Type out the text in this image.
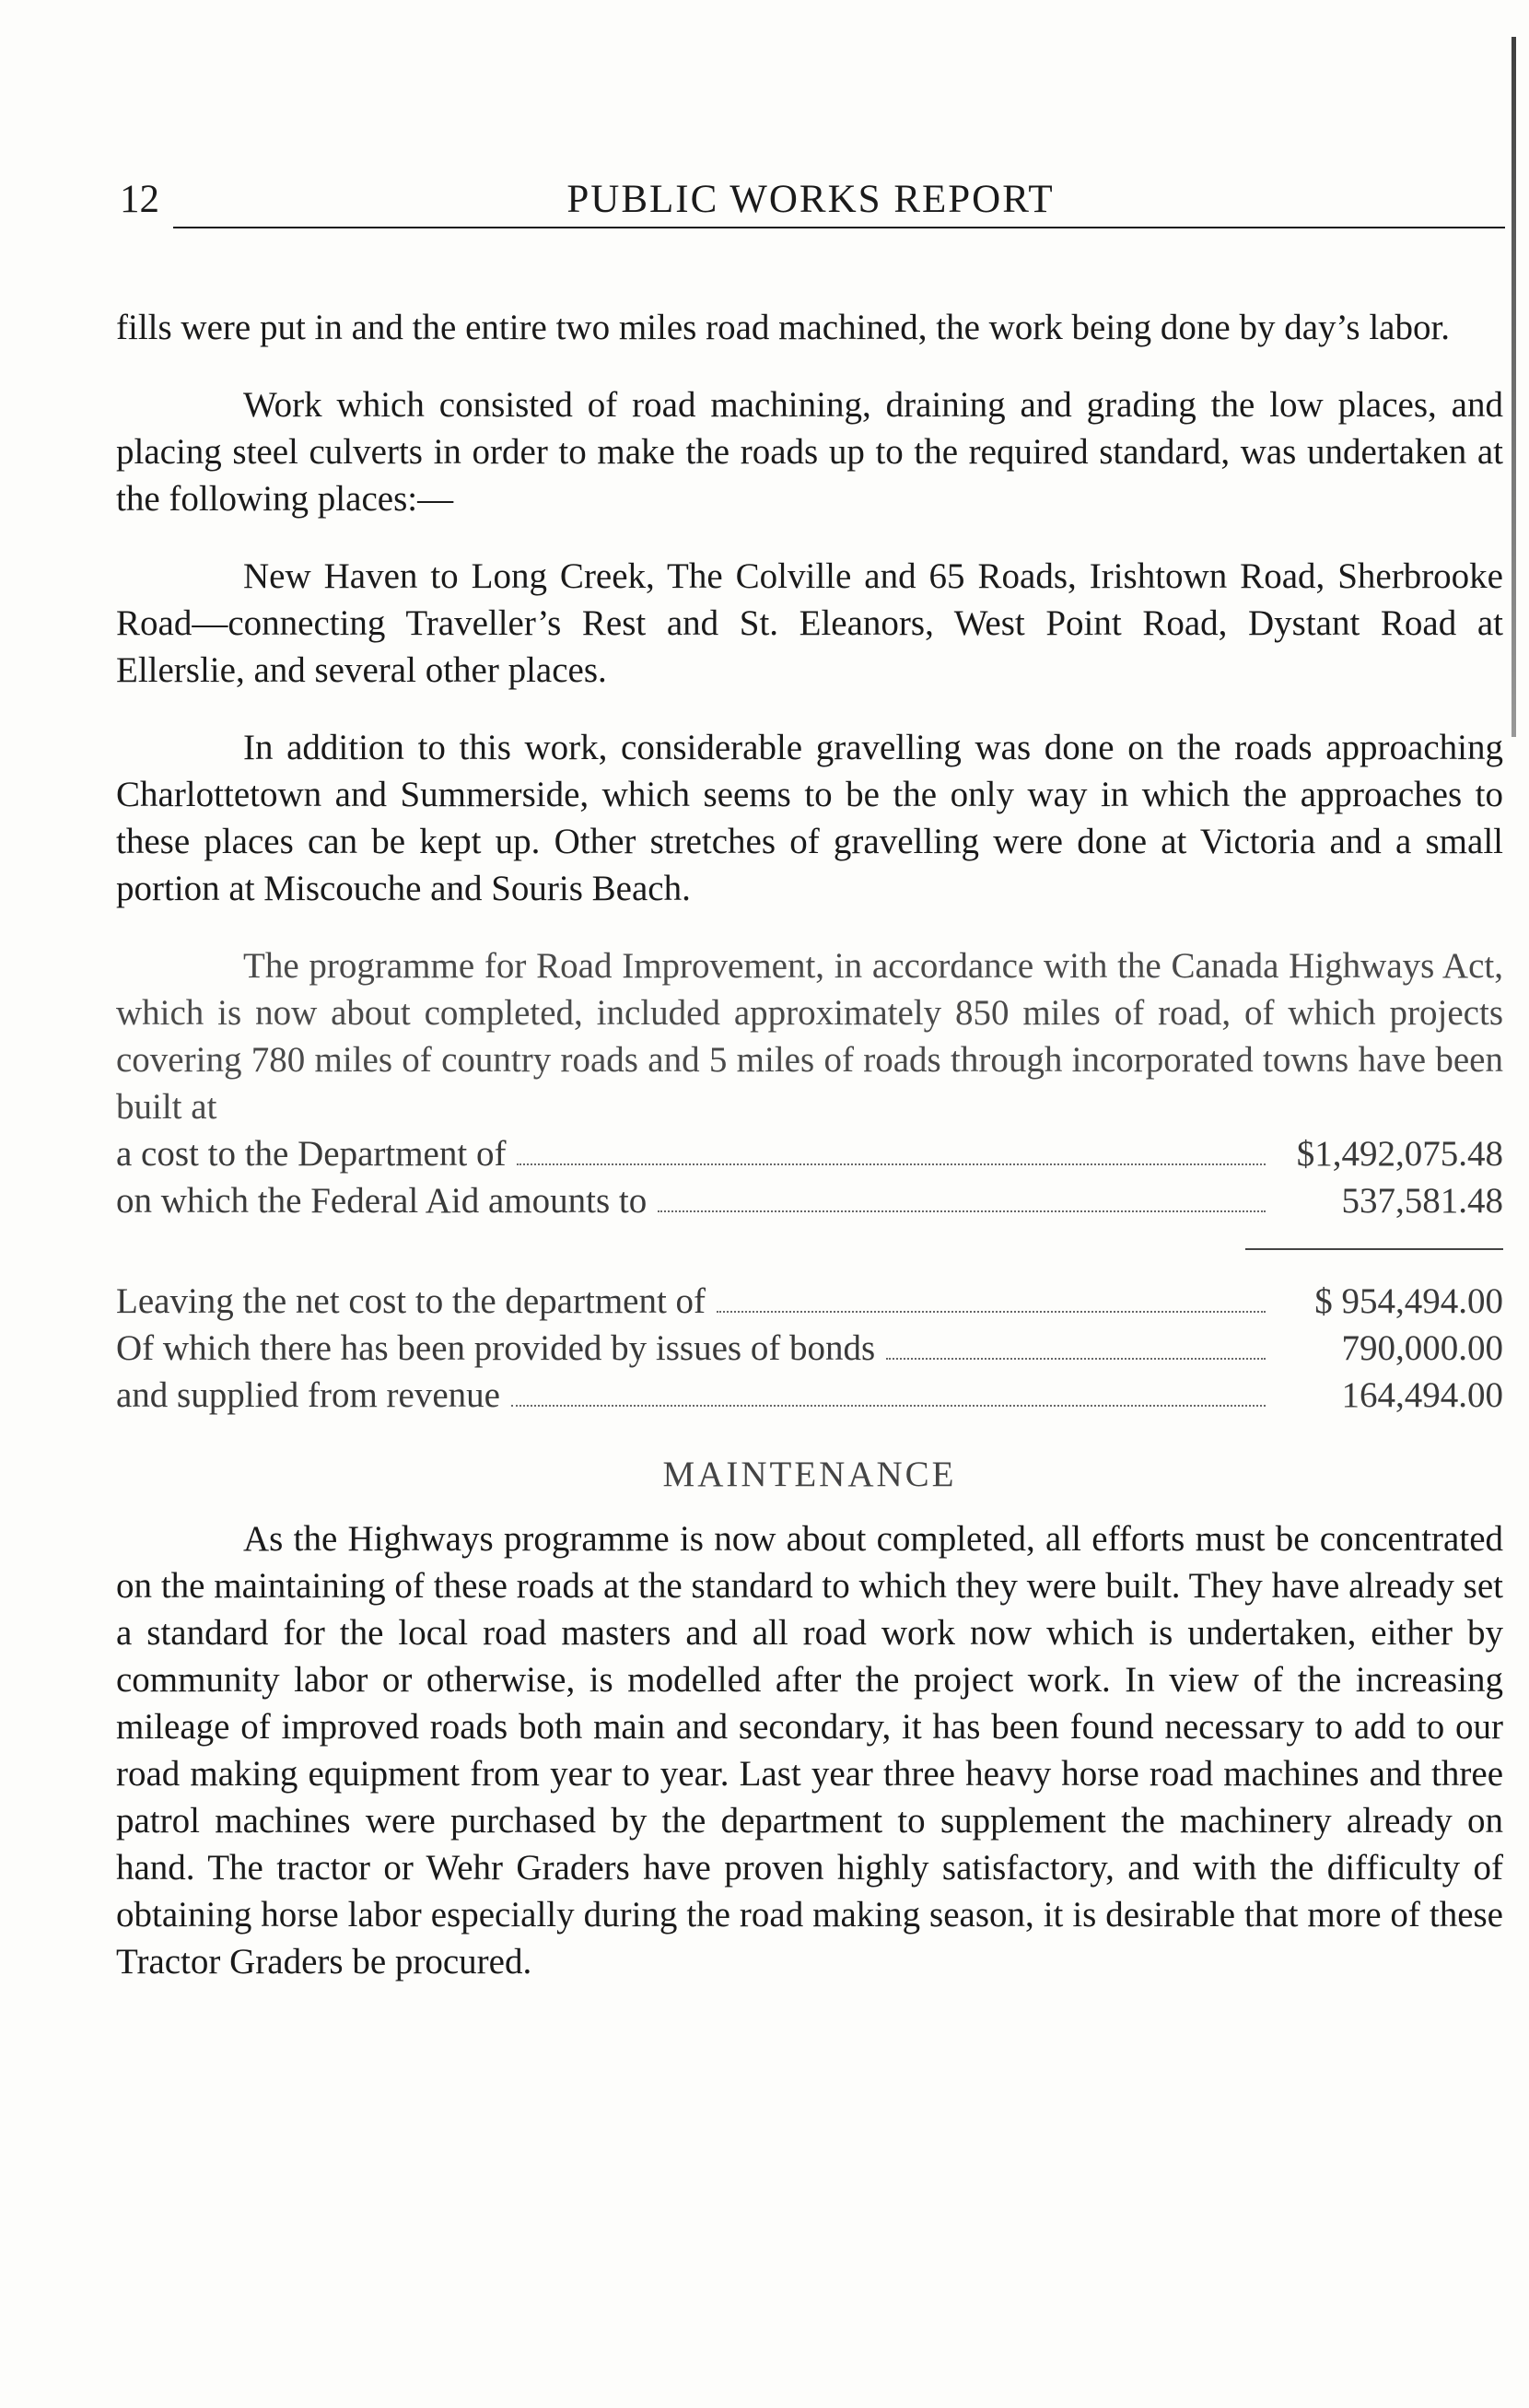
12	PUBLIC WORKS REPORT

fills were put in and the entire two miles road machined, the work being done by day’s labor.

Work which consisted of road machining, draining and grading the low places, and placing steel culverts in order to make the roads up to the required standard, was undertaken at the following places:—

New Haven to Long Creek, The Colville and 65 Roads, Irishtown Road, Sherbrooke Road—connecting Traveller’s Rest and St. Eleanors, West Point Road, Dystant Road at Ellerslie, and several other places.

In addition to this work, considerable gravelling was done on the roads approaching Charlottetown and Summerside, which seems to be the only way in which the approaches to these places can be kept up. Other stretches of gravelling were done at Victoria and a small portion at Miscouche and Souris Beach.

The programme for Road Improvement, in accordance with the Canada Highways Act, which is now about completed, included approximately 850 miles of road, of which projects covering 780 miles of country roads and 5 miles of roads through incorporated towns have been built at

a cost to the Department of	$1,492,075.48
on which the Federal Aid amounts to	537,581.48
Leaving the net cost to the department of	$ 954,494.00
Of which there has been provided by issues of bonds	790,000.00
and supplied from revenue	164,494.00
MAINTENANCE

As the Highways programme is now about completed, all efforts must be concentrated on the maintaining of these roads at the standard to which they were built. They have already set a standard for the local road masters and all road work now which is undertaken, either by community labor or otherwise, is modelled after the project work. In view of the increasing mileage of improved roads both main and secondary, it has been found necessary to add to our road making equipment from year to year. Last year three heavy horse road machines and three patrol machines were purchased by the department to supplement the machinery already on hand. The tractor or Wehr Graders have proven highly satisfactory, and with the difficulty of obtaining horse labor especially during the road making season, it is desirable that more of these Tractor Graders be procured.
